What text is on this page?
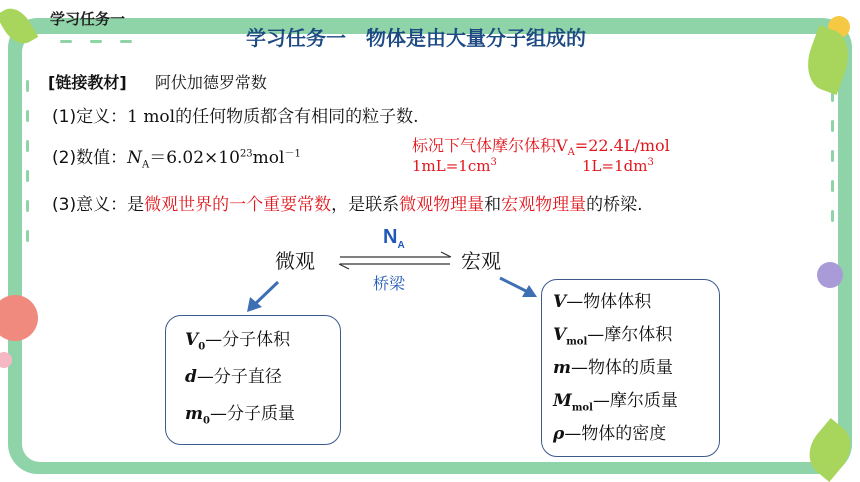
学习任务一
学习任务一　物体是由大量分子组成的
[链接教材] 阿伏加德罗常数
(1)定义：1 mol的任何物质都含有相同的粒子数.
(2)数值：$N_A=6.02\times 10^{23}mol^{-1}$	标况下气体摩尔体积$V_A=22.4L$/mol
$1mL=1cm^3$	$1L=1dm^3$
(3)意义：是微观世界的一个重要常数，是联系微观物理量和宏观物理量的桥梁.
微观	宏观
$N_A$
桥梁
$V_0—$分子体积
d—分子直径
$m_0—$分子质量
V—物体体积
$V_{mol}—$摩尔体积
m—物体的质量
$M_{mol}—$摩尔质量
ρ—物体的密度
